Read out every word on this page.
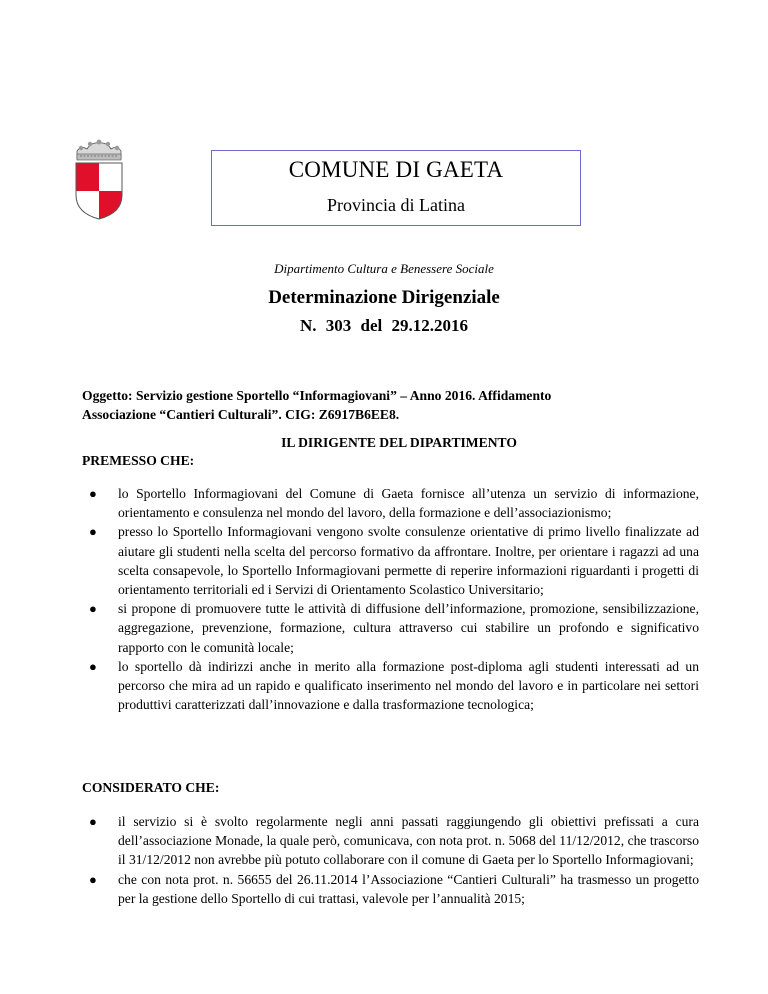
COMUNE DI GAETA
Provincia di Latina
Dipartimento Cultura e Benessere Sociale
Determinazione Dirigenziale
N. 303 del 29.12.2016
Oggetto: Servizio gestione Sportello “Informagiovani” – Anno 2016. Affidamento
Associazione “Cantieri Culturali”. CIG: Z6917B6EE8.
IL DIRIGENTE DEL DIPARTIMENTO
PREMESSO CHE:
● lo Sportello Informagiovani del Comune di Gaeta fornisce all’utenza un servizio di informazione, orientamento e consulenza nel mondo del lavoro, della formazione e dell’associazionismo;
● presso lo Sportello Informagiovani vengono svolte consulenze orientative di primo livello finalizzate ad aiutare gli studenti nella scelta del percorso formativo da affrontare. Inoltre, per orientare i ragazzi ad una scelta consapevole, lo Sportello Informagiovani permette di reperire informazioni riguardanti i progetti di orientamento territoriali ed i Servizi di Orientamento Scolastico Universitario;
● si propone di promuovere tutte le attività di diffusione dell’informazione, promozione, sensibilizzazione, aggregazione, prevenzione, formazione, cultura attraverso cui stabilire un profondo e significativo rapporto con le comunità locale;
● lo sportello dà indirizzi anche in merito alla formazione post-diploma agli studenti interessati ad un percorso che mira ad un rapido e qualificato inserimento nel mondo del lavoro e in particolare nei settori produttivi caratterizzati dall’innovazione e dalla trasformazione tecnologica;
CONSIDERATO CHE:
● il servizio si è svolto regolarmente negli anni passati raggiungendo gli obiettivi prefissati a cura dell’associazione Monade, la quale però, comunicava, con nota prot. n. 5068 del 11/12/2012, che trascorso il 31/12/2012 non avrebbe più potuto collaborare con il comune di Gaeta per lo Sportello Informagiovani;
● che con nota prot. n. 56655 del 26.11.2014 l’Associazione “Cantieri Culturali” ha trasmesso un progetto per la gestione dello Sportello di cui trattasi, valevole per l’annualità 2015;
